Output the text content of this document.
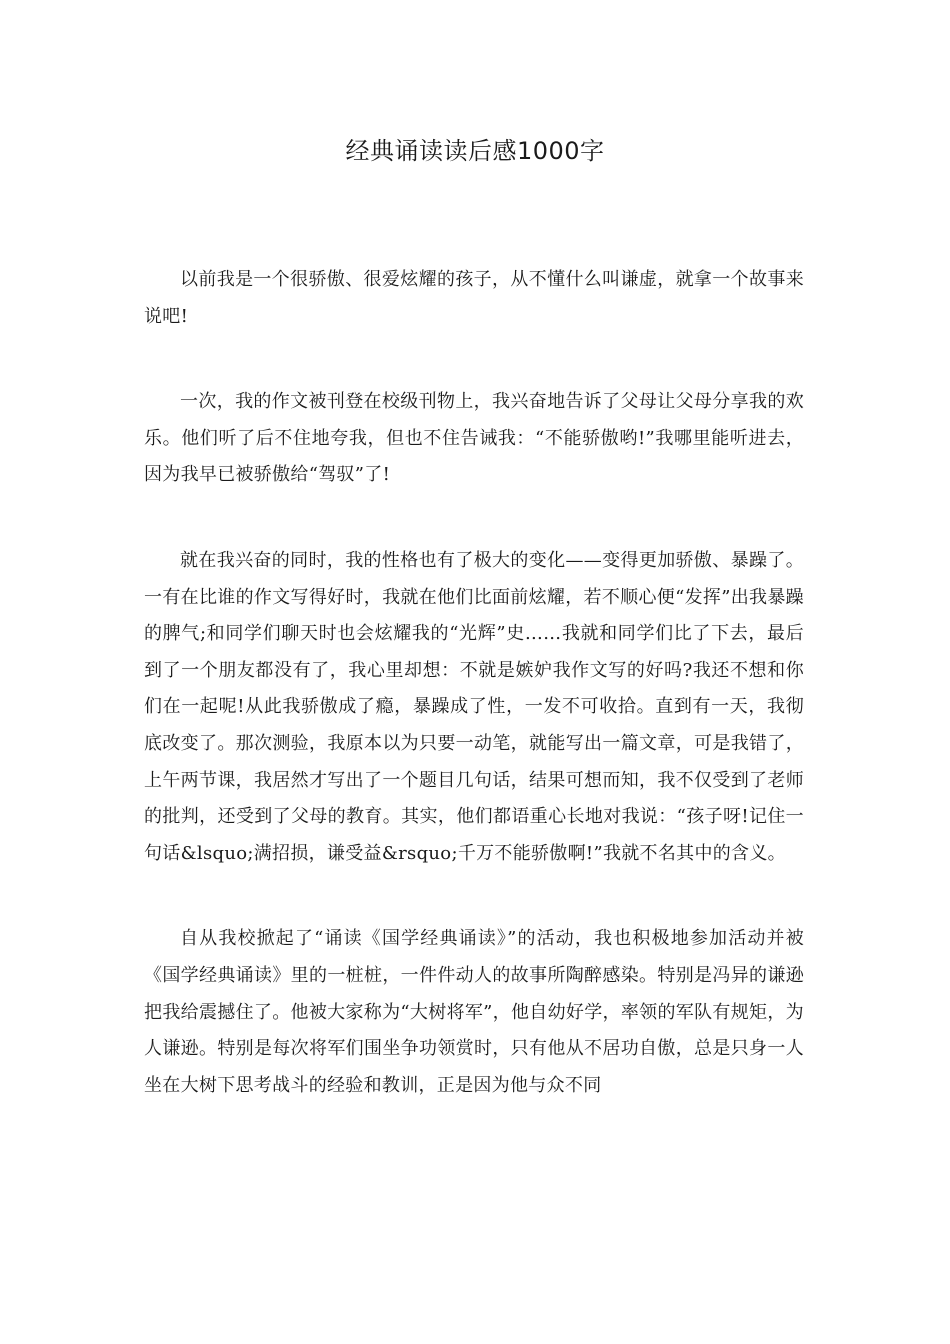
经典诵读读后感1000字

以前我是一个很骄傲、很爱炫耀的孩子，从不懂什么叫谦虚，就拿一个故事来说吧!

一次，我的作文被刊登在校级刊物上，我兴奋地告诉了父母让父母分享我的欢乐。他们听了后不住地夸我，但也不住告诫我：“不能骄傲哟!”我哪里能听进去，因为我早已被骄傲给“驾驭”了!

就在我兴奋的同时，我的性格也有了极大的变化——变得更加骄傲、暴躁了。一有在比谁的作文写得好时，我就在他们比面前炫耀，若不顺心便“发挥”出我暴躁的脾气;和同学们聊天时也会炫耀我的“光辉”史……我就和同学们比了下去，最后到了一个朋友都没有了，我心里却想：不就是嫉妒我作文写的好吗?我还不想和你们在一起呢!从此我骄傲成了瘾，暴躁成了性，一发不可收拾。直到有一天，我彻底改变了。那次测验，我原本以为只要一动笔，就能写出一篇文章，可是我错了，上午两节课，我居然才写出了一个题目几句话，结果可想而知，我不仅受到了老师的批判，还受到了父母的教育。其实，他们都语重心长地对我说：“孩子呀!记住一句话&lsquo;满招损，谦受益&rsquo;千万不能骄傲啊!”我就不名其中的含义。

自从我校掀起了“诵读《国学经典诵读》”的活动，我也积极地参加活动并被《国学经典诵读》里的一桩桩，一件件动人的故事所陶醉感染。特别是冯异的谦逊把我给震撼住了。他被大家称为“大树将军”，他自幼好学，率领的军队有规矩，为人谦逊。特别是每次将军们围坐争功领赏时，只有他从不居功自傲，总是只身一人坐在大树下思考战斗的经验和教训，正是因为他与众不同
